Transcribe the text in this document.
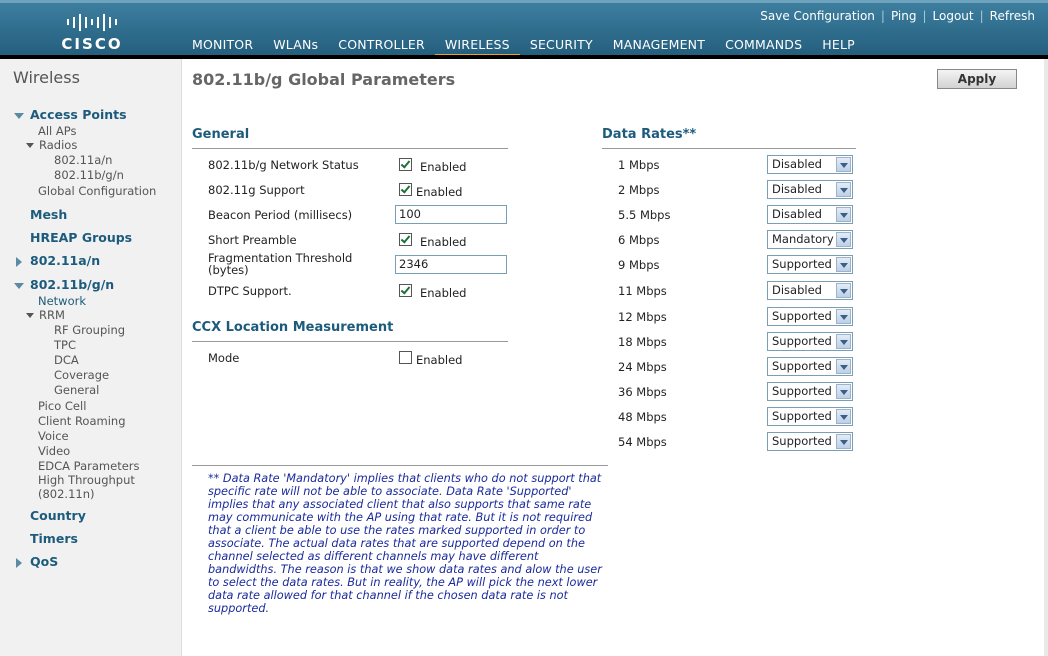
CISCO
Save Configuration | Ping | Logout | Refresh
MONITOR	WLANs	CONTROLLER	WIRELESS	SECURITY	MANAGEMENT	COMMANDS	HELP
Wireless
Access Points
All APs
Radios
802.11a/n
802.11b/g/n
Global Configuration
Mesh
HREAP Groups
802.11a/n
802.11b/g/n
Network
RRM
RF Grouping
TPC
DCA
Coverage
General
Pico Cell
Client Roaming
Voice
Video
EDCA Parameters
High Throughput
(802.11n)
Country
Timers
QoS
802.11b/g Global Parameters	Apply
General
802.11b/g Network Status	Enabled
802.11g Support	Enabled
Beacon Period (millisecs)	100
Short Preamble	Enabled
Fragmentation Threshold
(bytes)	2346
DTPC Support.	Enabled
CCX Location Measurement
Mode	Enabled
Data Rates**
1 Mbps	Disabled
2 Mbps	Disabled
5.5 Mbps	Disabled
6 Mbps	Mandatory
9 Mbps	Supported
11 Mbps	Disabled
12 Mbps	Supported
18 Mbps	Supported
24 Mbps	Supported
36 Mbps	Supported
48 Mbps	Supported
54 Mbps	Supported
** Data Rate 'Mandatory' implies that clients who do not support that
specific rate will not be able to associate. Data Rate 'Supported'
implies that any associated client that also supports that same rate
may communicate with the AP using that rate. But it is not required
that a client be able to use the rates marked supported in order to
associate. The actual data rates that are supported depend on the
channel selected as different channels may have different
bandwidths. The reason is that we show data rates and alow the user
to select the data rates. But in reality, the AP will pick the next lower
data rate allowed for that channel if the chosen data rate is not
supported.
